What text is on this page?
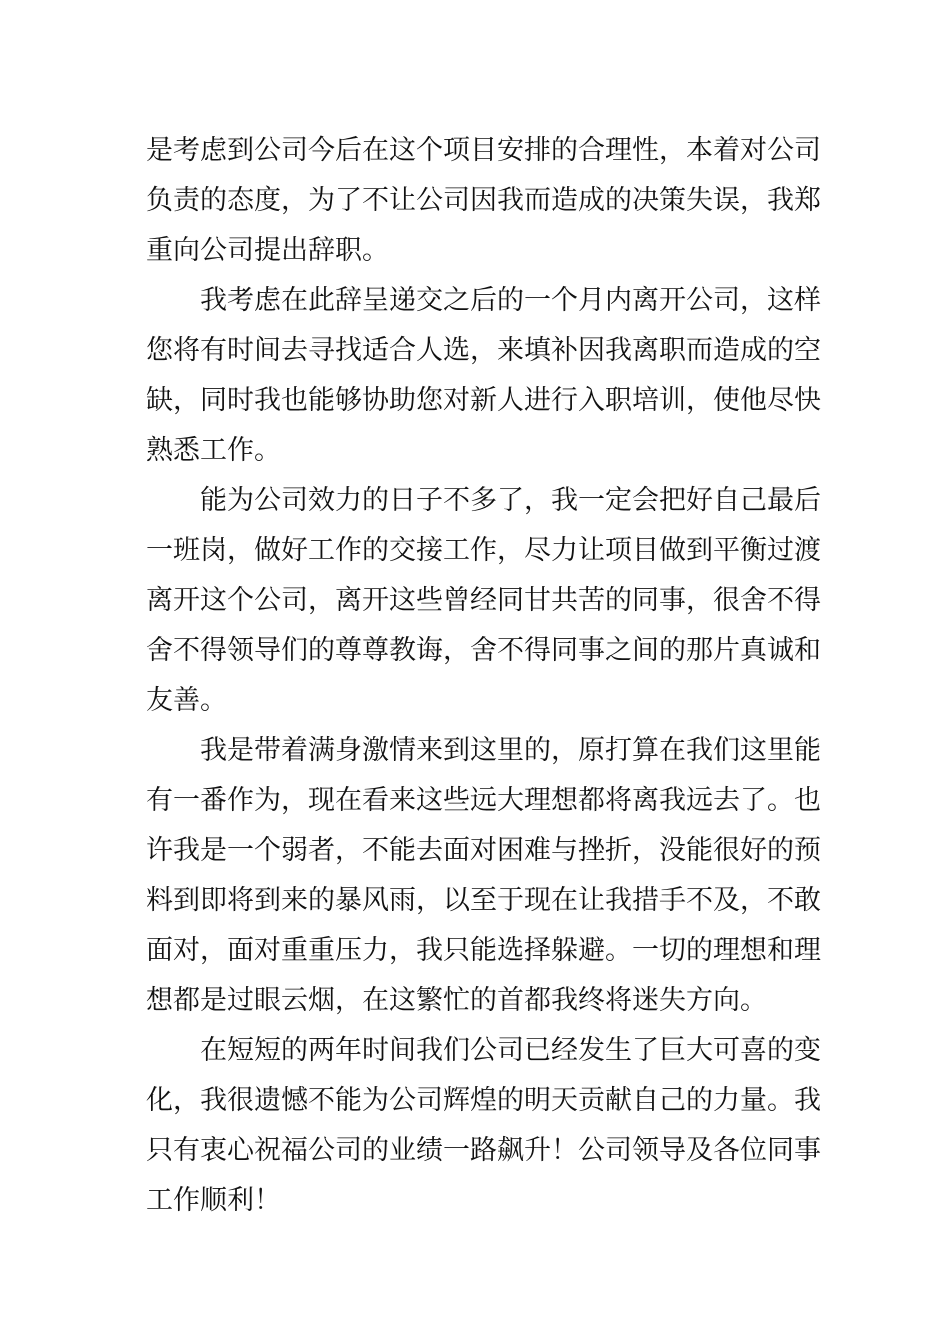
是考虑到公司今后在这个项目安排的合理性，本着对公司
负责的态度，为了不让公司因我而造成的决策失误，我郑
重向公司提出辞职。
我考虑在此辞呈递交之后的一个月内离开公司，这样
您将有时间去寻找适合人选，来填补因我离职而造成的空
缺，同时我也能够协助您对新人进行入职培训，使他尽快
熟悉工作。
能为公司效力的日子不多了，我一定会把好自己最后
一班岗，做好工作的交接工作，尽力让项目做到平衡过渡
离开这个公司，离开这些曾经同甘共苦的同事，很舍不得
舍不得领导们的尊尊教诲，舍不得同事之间的那片真诚和
友善。
我是带着满身激情来到这里的，原打算在我们这里能
有一番作为，现在看来这些远大理想都将离我远去了。也
许我是一个弱者，不能去面对困难与挫折，没能很好的预
料到即将到来的暴风雨，以至于现在让我措手不及，不敢
面对，面对重重压力，我只能选择躲避。一切的理想和理
想都是过眼云烟，在这繁忙的首都我终将迷失方向。
在短短的两年时间我们公司已经发生了巨大可喜的变
化，我很遗憾不能为公司辉煌的明天贡献自己的力量。我
只有衷心祝福公司的业绩一路飙升！公司领导及各位同事
工作顺利！
